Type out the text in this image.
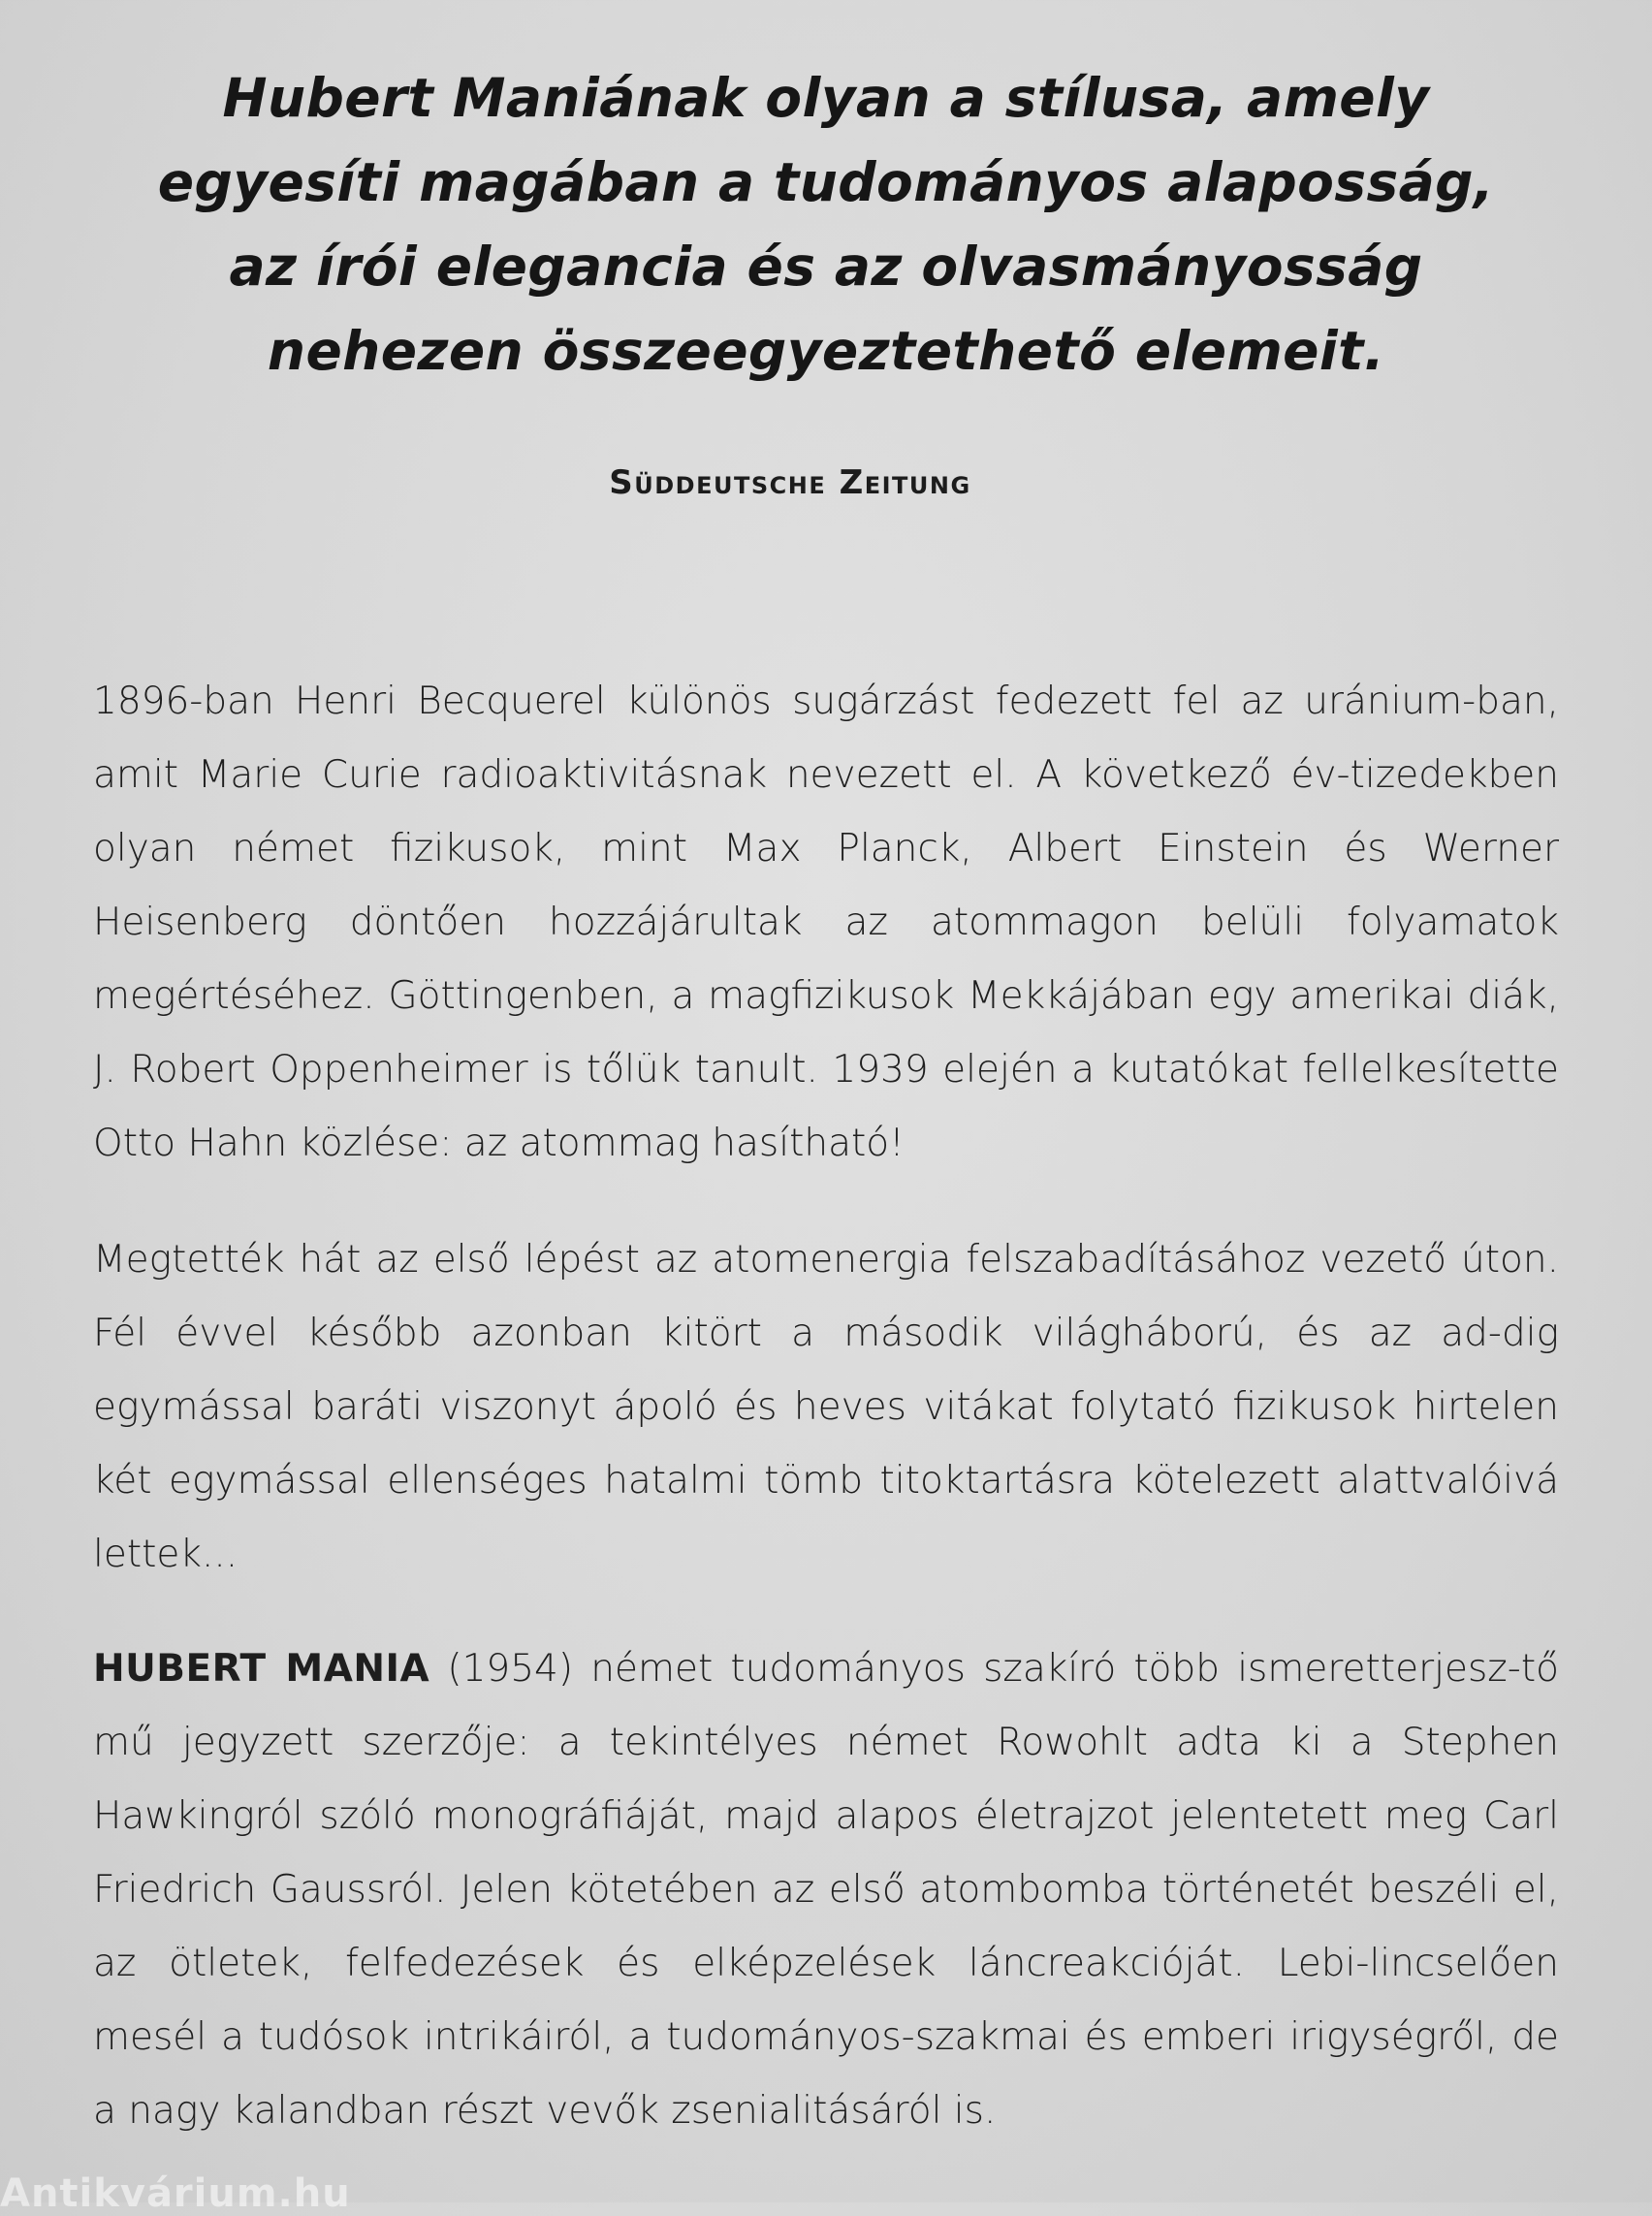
Hubert Maniának olyan a stílusa, amely
egyesíti magában a tudományos alaposság,
az írói elegancia és az olvasmányosság
nehezen összeegyeztethető elemeit.
Süddeutsche Zeitung

1896-ban Henri Becquerel különös sugárzást fedezett fel az uránium-ban, amit Marie Curie radioaktivitásnak nevezett el. A következő év-tizedekben olyan német fizikusok, mint Max Planck, Albert Einstein és Werner Heisenberg döntően hozzájárultak az atommagon belüli folyamatok megértéséhez. Göttingenben, a magfizikusok Mekkájában egy amerikai diák, J. Robert Oppenheimer is tőlük tanult. 1939 elején a kutatókat fellelkesítette Otto Hahn közlése: az atommag hasítható!

Megtették hát az első lépést az atomenergia felszabadításához vezető úton. Fél évvel később azonban kitört a második világháború, és az ad-dig egymással baráti viszonyt ápoló és heves vitákat folytató fizikusok hirtelen két egymással ellenséges hatalmi tömb titoktartásra kötelezett alattvalóivá lettek...

HUBERT MANIA (1954) német tudományos szakíró több ismeretterjesz-tő mű jegyzett szerzője: a tekintélyes német Rowohlt adta ki a Stephen Hawkingról szóló monográfiáját, majd alapos életrajzot jelentetett meg Carl Friedrich Gaussról. Jelen kötetében az első atombomba történetét beszéli el, az ötletek, felfedezések és elképzelések láncreakcióját. Lebi-lincselően mesél a tudósok intrikáiról, a tudományos-szakmai és emberi irigységről, de a nagy kalandban részt vevők zsenialitásáról is.

Antikvárium.hu
